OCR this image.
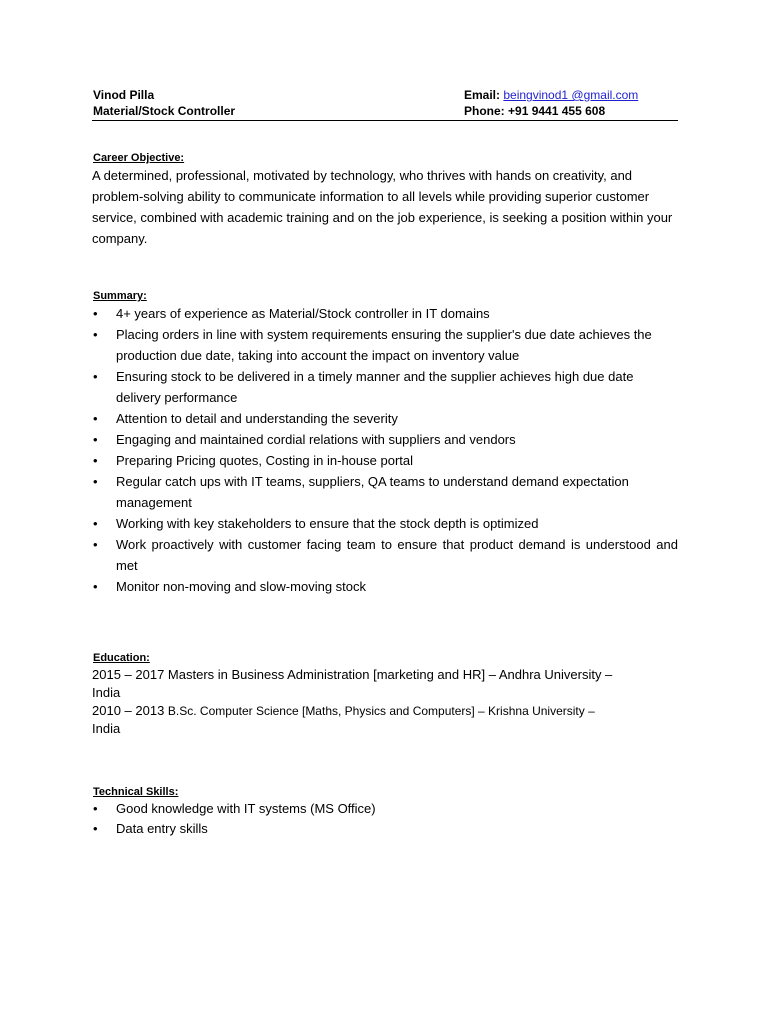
Vinod Pilla
Material/Stock Controller
Email: beingvinod1 @gmail.com
Phone: +91 9441 455 608
Career Objective:
A determined, professional, motivated by technology, who thrives with hands on creativity, and problem-solving ability to communicate information to all levels while providing superior customer service, combined with academic training and on the job experience, is seeking a position within your company.
Summary:
•	4+ years of experience as Material/Stock controller in IT domains
•	Placing orders in line with system requirements ensuring the supplier's due date achieves the production due date, taking into account the impact on inventory value
•	Ensuring stock to be delivered in a timely manner and the supplier achieves high due date delivery performance
•	Attention to detail and understanding the severity
•	Engaging and maintained cordial relations with suppliers and vendors
•	Preparing Pricing quotes, Costing in in-house portal
•	Regular catch ups with IT teams, suppliers, QA teams to understand demand expectation management
•	Working with key stakeholders to ensure that the stock depth is optimized
•	Work proactively with customer facing team to ensure that product demand is understood and met
•	Monitor non-moving and slow-moving stock
Education:
2015 – 2017 Masters in Business Administration [marketing and HR] – Andhra University –
India
2010 – 2013 B.Sc. Computer Science [Maths, Physics and Computers] – Krishna University –
India
Technical Skills:
•	Good knowledge with IT systems (MS Office)
•	Data entry skills
